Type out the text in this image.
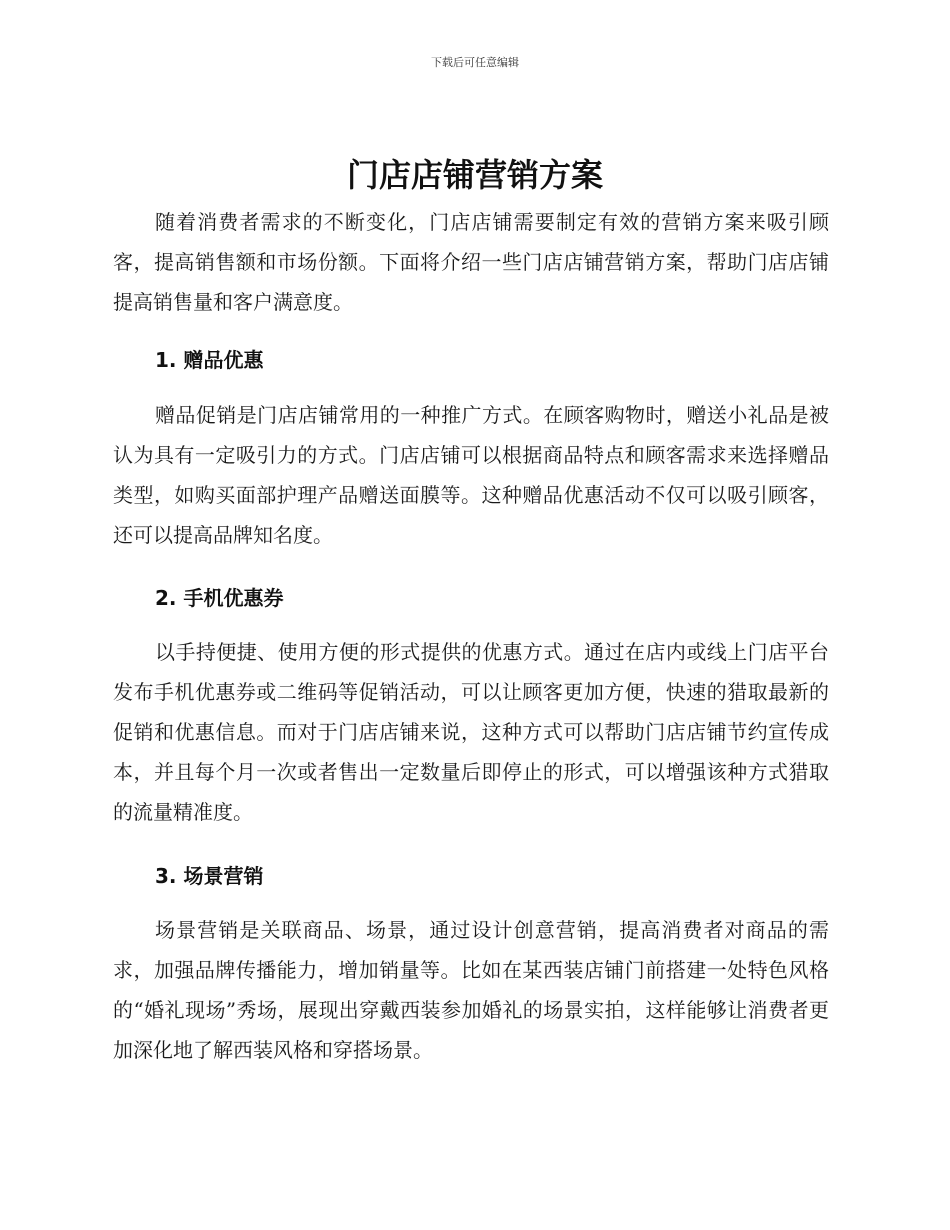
下载后可任意编辑
门店店铺营销方案

随着消费者需求的不断变化，门店店铺需要制定有效的营销方案来吸引顾客，提高销售额和市场份额。下面将介绍一些门店店铺营销方案，帮助门店店铺提高销售量和客户满意度。

1. 赠品优惠

赠品促销是门店店铺常用的一种推广方式。在顾客购物时，赠送小礼品是被认为具有一定吸引力的方式。门店店铺可以根据商品特点和顾客需求来选择赠品类型，如购买面部护理产品赠送面膜等。这种赠品优惠活动不仅可以吸引顾客，还可以提高品牌知名度。

2. 手机优惠券

以手持便捷、使用方便的形式提供的优惠方式。通过在店内或线上门店平台发布手机优惠券或二维码等促销活动，可以让顾客更加方便，快速的猎取最新的促销和优惠信息。而对于门店店铺来说，这种方式可以帮助门店店铺节约宣传成本，并且每个月一次或者售出一定数量后即停止的形式，可以增强该种方式猎取的流量精准度。

3. 场景营销

场景营销是关联商品、场景，通过设计创意营销，提高消费者对商品的需求，加强品牌传播能力，增加销量等。比如在某西装店铺门前搭建一处特色风格的“婚礼现场”秀场，展现出穿戴西装参加婚礼的场景实拍，这样能够让消费者更加深化地了解西装风格和穿搭场景。
